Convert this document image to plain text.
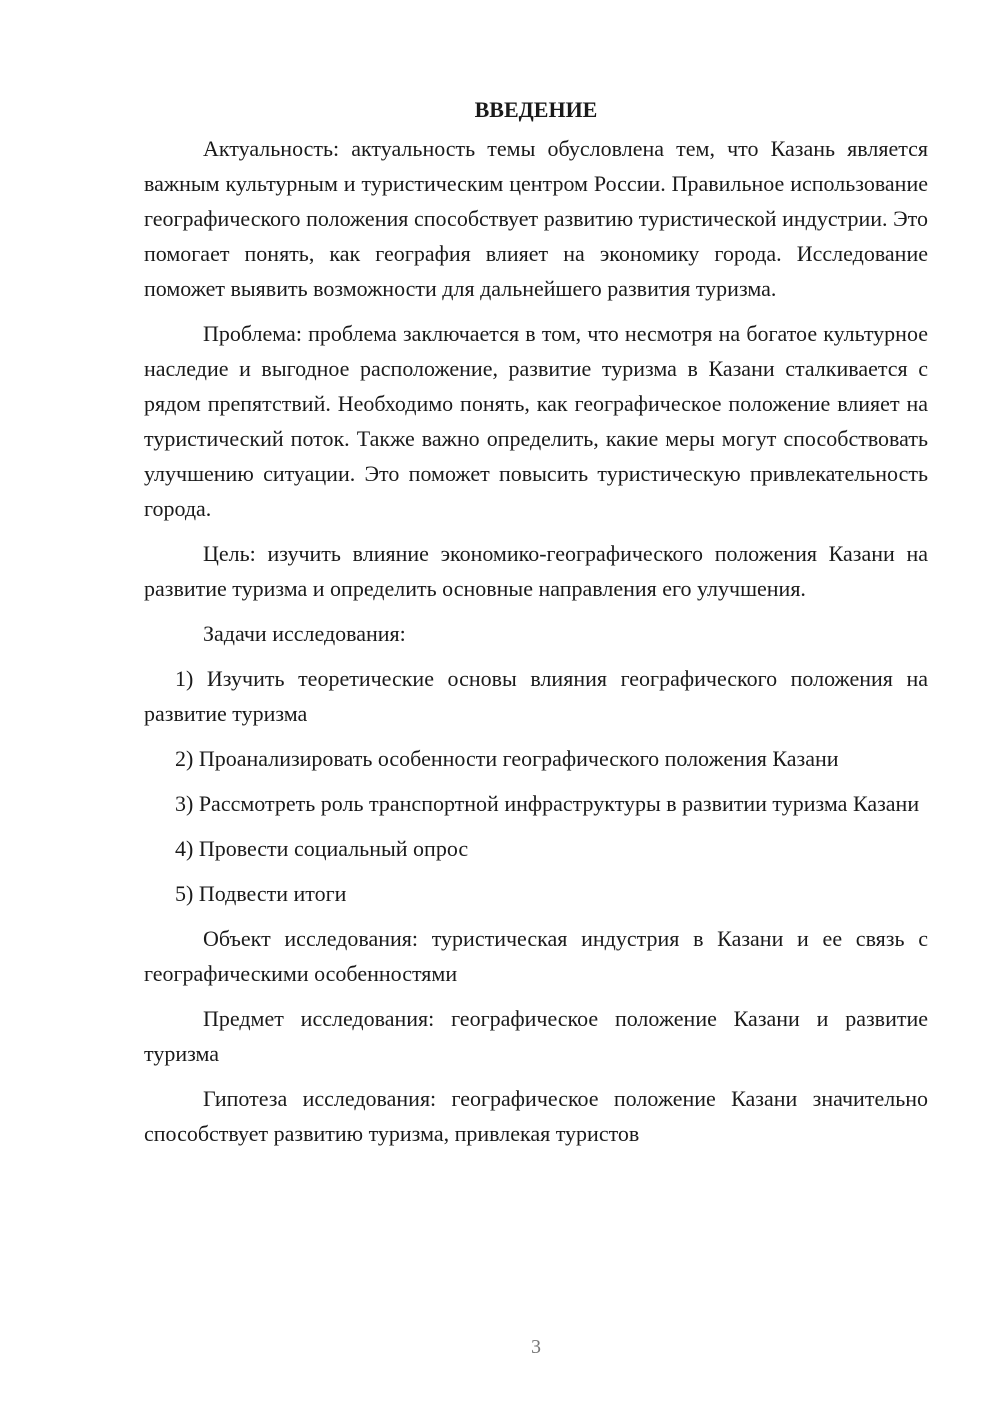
ВВЕДЕНИЕ

Актуальность: актуальность темы обусловлена тем, что Казань является важным культурным и туристическим центром России. Правильное использование географического положения способствует развитию туристической индустрии. Это помогает понять, как география влияет на экономику города. Исследование поможет выявить возможности для дальнейшего развития туризма.

Проблема: проблема заключается в том, что несмотря на богатое культурное наследие и выгодное расположение, развитие туризма в Казани сталкивается с рядом препятствий. Необходимо понять, как географическое положение влияет на туристический поток. Также важно определить, какие меры могут способствовать улучшению ситуации. Это поможет повысить туристическую привлекательность города.

Цель: изучить влияние экономико-географического положения Казани на развитие туризма и определить основные направления его улучшения.

Задачи исследования:

1) Изучить теоретические основы влияния географического положения на развитие туризма

2) Проанализировать особенности географического положения Казани

3) Рассмотреть роль транспортной инфраструктуры в развитии туризма Казани

4) Провести социальный опрос

5) Подвести итоги

Объект исследования: туристическая индустрия в Казани и ее связь с географическими особенностями

Предмет исследования: географическое положение Казани и развитие туризма

Гипотеза исследования: географическое положение Казани значительно способствует развитию туризма, привлекая туристов

3
